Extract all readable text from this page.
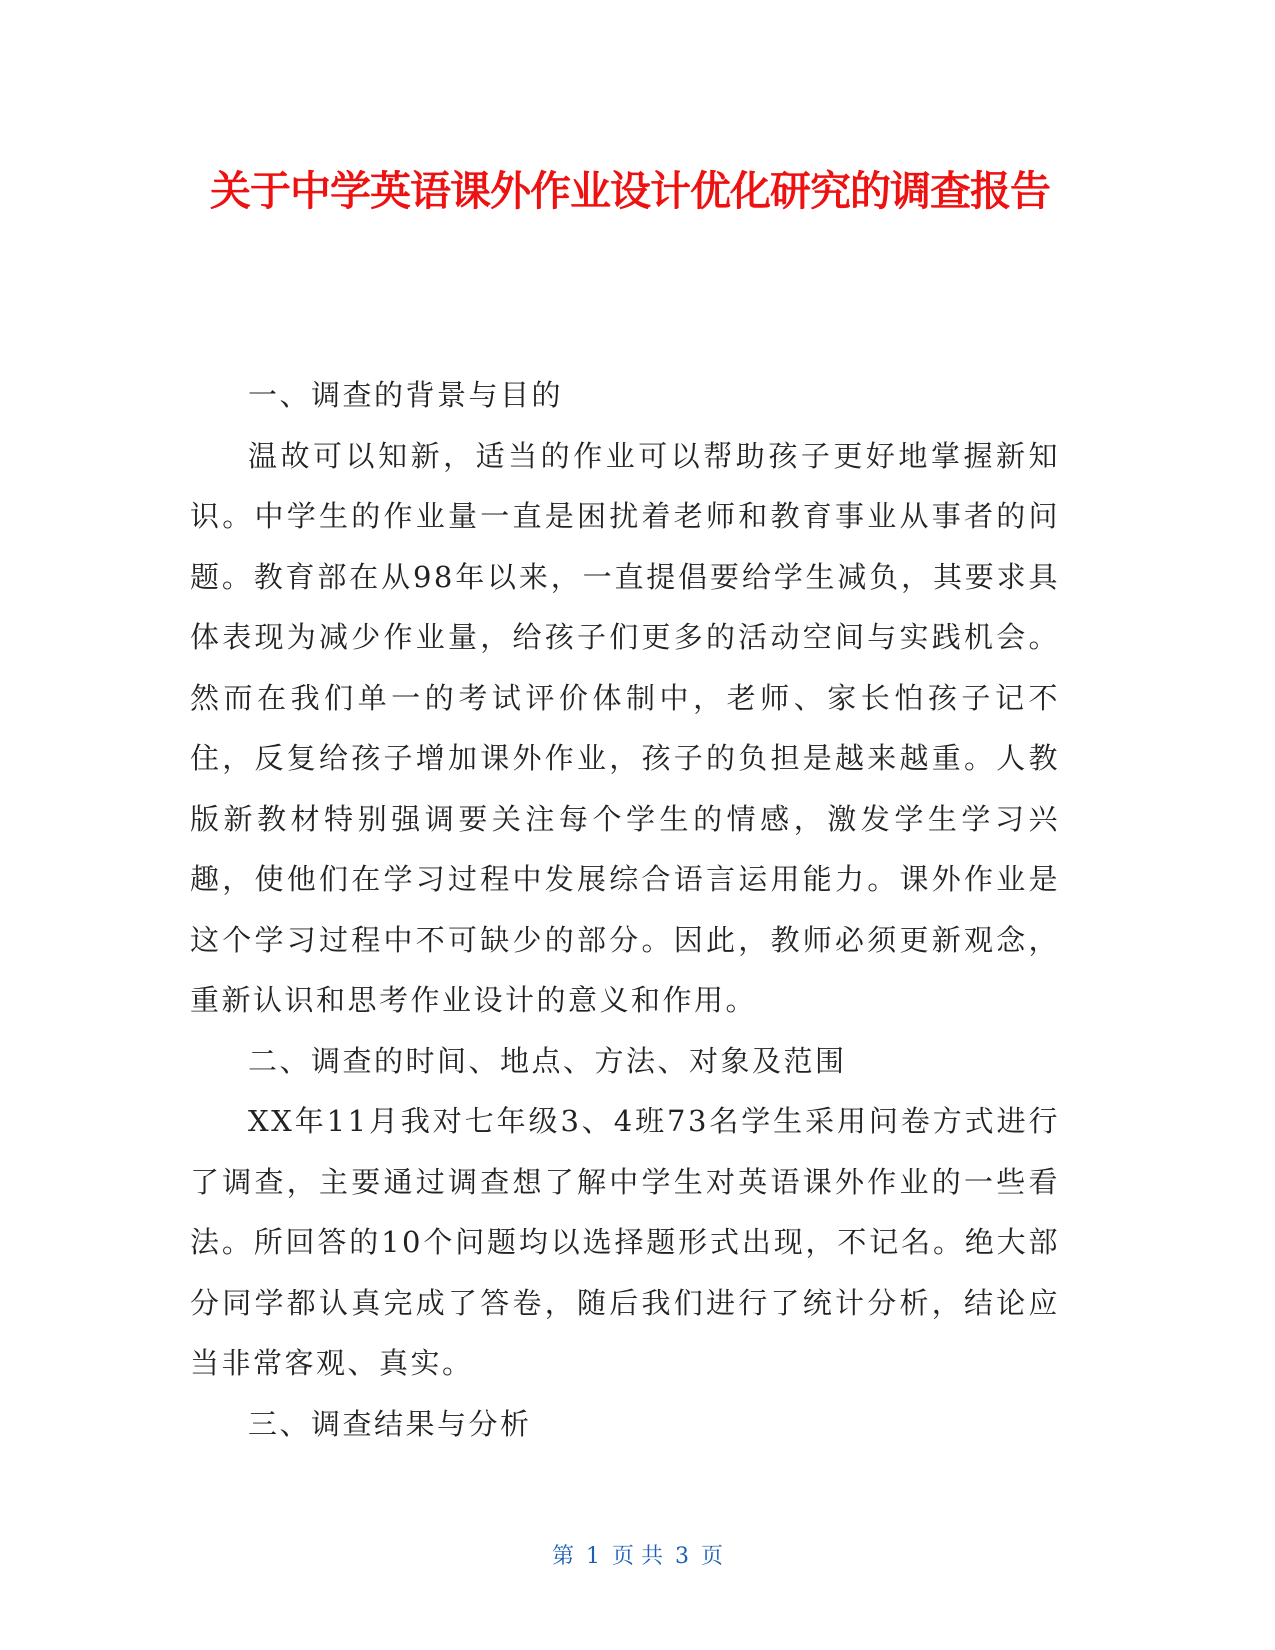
关于中学英语课外作业设计优化研究的调查报告

一、调查的背景与目的

温故可以知新，适当的作业可以帮助孩子更好地掌握新知识。中学生的作业量一直是困扰着老师和教育事业从事者的问题。教育部在从98年以来，一直提倡要给学生减负，其要求具体表现为减少作业量，给孩子们更多的活动空间与实践机会。然而在我们单一的考试评价体制中，老师、家长怕孩子记不住，反复给孩子增加课外作业，孩子的负担是越来越重。人教版新教材特别强调要关注每个学生的情感，激发学生学习兴趣，使他们在学习过程中发展综合语言运用能力。课外作业是这个学习过程中不可缺少的部分。因此，教师必须更新观念，重新认识和思考作业设计的意义和作用。

二、调查的时间、地点、方法、对象及范围

XX年11月我对七年级3、4班73名学生采用问卷方式进行了调查，主要通过调查想了解中学生对英语课外作业的一些看法。所回答的10个问题均以选择题形式出现，不记名。绝大部分同学都认真完成了答卷，随后我们进行了统计分析，结论应当非常客观、真实。

三、调查结果与分析

第 1 页 共 3 页
